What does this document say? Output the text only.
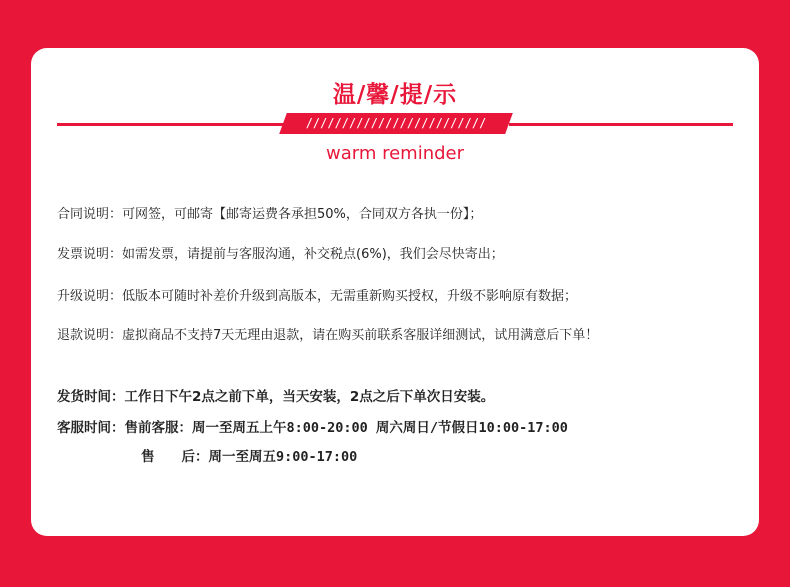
温/馨/提/示
/////////////////////////
warm reminder
合同说明：可网签，可邮寄【邮寄运费各承担50%，合同双方各执一份】；
发票说明：如需发票，请提前与客服沟通，补交税点(6%)，我们会尽快寄出；
升级说明：低版本可随时补差价升级到高版本，无需重新购买授权，升级不影响原有数据；
退款说明：虚拟商品不支持7天无理由退款，请在购买前联系客服详细测试，试用满意后下单！
发货时间：工作日下午2点之前下单，当天安装，2点之后下单次日安装。
客服时间：售前客服：周一至周五上午8:00-20:00 周六周日/节假日10:00-17:00
售　　后：周一至周五9:00-17:00
